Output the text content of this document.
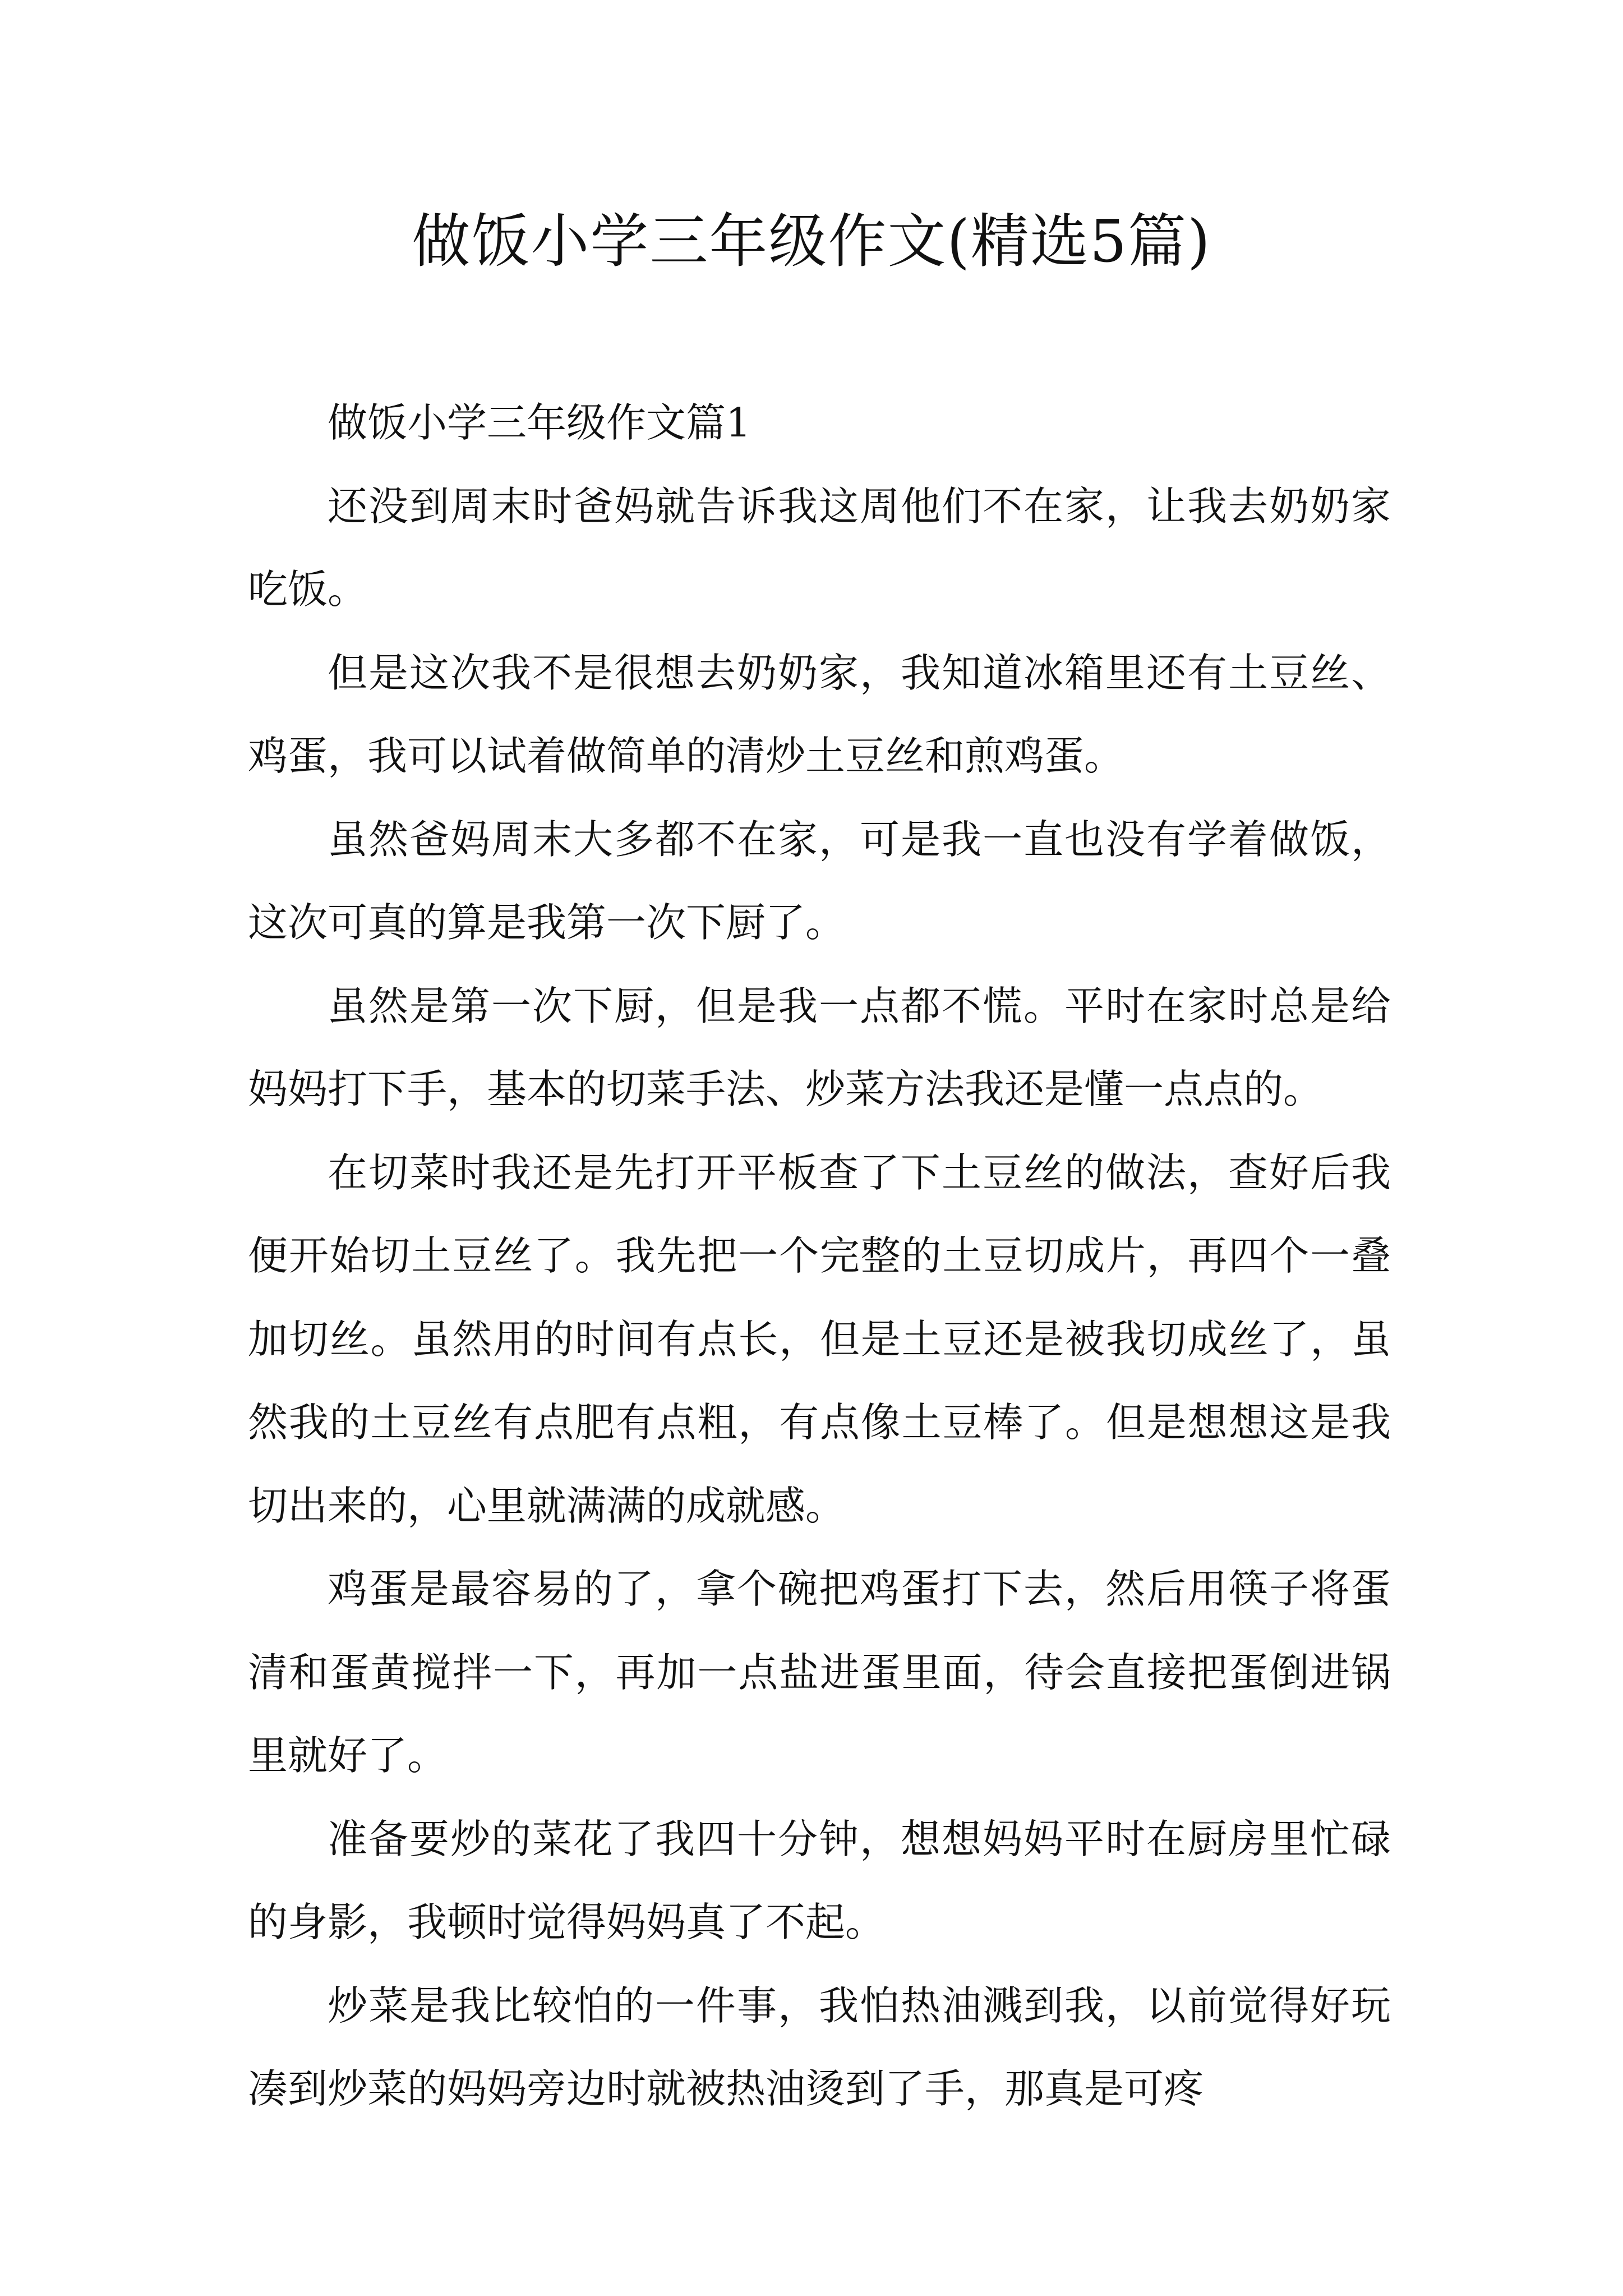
做饭小学三年级作文(精选5篇)

做饭小学三年级作文篇1

还没到周末时爸妈就告诉我这周他们不在家，让我去奶奶家吃饭。

但是这次我不是很想去奶奶家，我知道冰箱里还有土豆丝、鸡蛋，我可以试着做简单的清炒土豆丝和煎鸡蛋。

虽然爸妈周末大多都不在家，可是我一直也没有学着做饭，这次可真的算是我第一次下厨了。

虽然是第一次下厨，但是我一点都不慌。平时在家时总是给妈妈打下手，基本的切菜手法、炒菜方法我还是懂一点点的。

在切菜时我还是先打开平板查了下土豆丝的做法，查好后我便开始切土豆丝了。我先把一个完整的土豆切成片，再四个一叠加切丝。虽然用的时间有点长，但是土豆还是被我切成丝了，虽然我的土豆丝有点肥有点粗，有点像土豆棒了。但是想想这是我切出来的，心里就满满的成就感。

鸡蛋是最容易的了，拿个碗把鸡蛋打下去，然后用筷子将蛋清和蛋黄搅拌一下，再加一点盐进蛋里面，待会直接把蛋倒进锅里就好了。

准备要炒的菜花了我四十分钟，想想妈妈平时在厨房里忙碌的身影，我顿时觉得妈妈真了不起。

炒菜是我比较怕的一件事，我怕热油溅到我，以前觉得好玩凑到炒菜的妈妈旁边时就被热油烫到了手，那真是可疼
